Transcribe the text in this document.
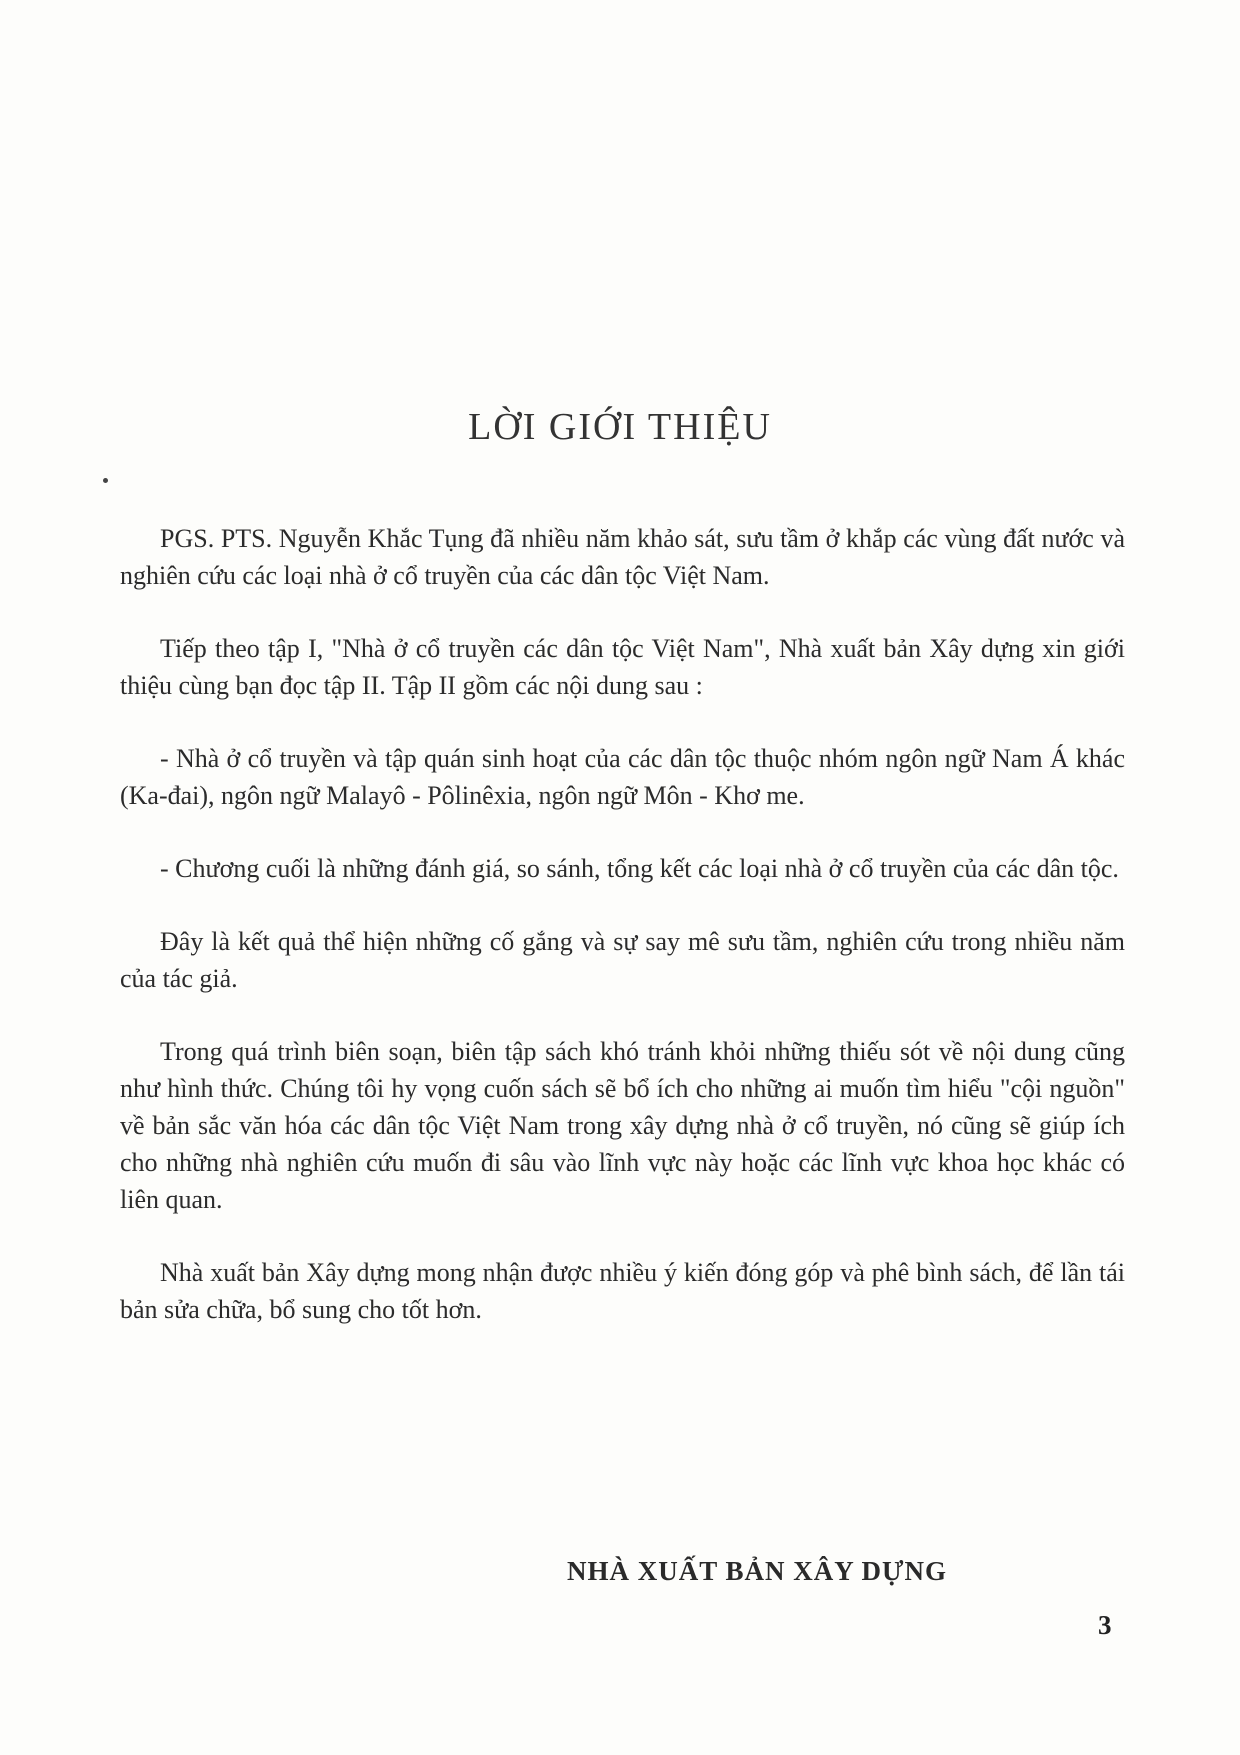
LỜI GIỚI THIỆU

PGS. PTS. Nguyễn Khắc Tụng đã nhiều năm khảo sát, sưu tầm ở khắp các vùng đất nước và nghiên cứu các loại nhà ở cổ truyền của các dân tộc Việt Nam.

Tiếp theo tập I, "Nhà ở cổ truyền các dân tộc Việt Nam", Nhà xuất bản Xây dựng xin giới thiệu cùng bạn đọc tập II. Tập II gồm các nội dung sau :

- Nhà ở cổ truyền và tập quán sinh hoạt của các dân tộc thuộc nhóm ngôn ngữ Nam Á khác (Ka-đai), ngôn ngữ Malayô - Pôlinêxia, ngôn ngữ Môn - Khơ me.

- Chương cuối là những đánh giá, so sánh, tổng kết các loại nhà ở cổ truyền của các dân tộc.

Đây là kết quả thể hiện những cố gắng và sự say mê sưu tầm, nghiên cứu trong nhiều năm của tác giả.

Trong quá trình biên soạn, biên tập sách khó tránh khỏi những thiếu sót về nội dung cũng như hình thức. Chúng tôi hy vọng cuốn sách sẽ bổ ích cho những ai muốn tìm hiểu "cội nguồn" về bản sắc văn hóa các dân tộc Việt Nam trong xây dựng nhà ở cổ truyền, nó cũng sẽ giúp ích cho những nhà nghiên cứu muốn đi sâu vào lĩnh vực này hoặc các lĩnh vực khoa học khác có liên quan.

Nhà xuất bản Xây dựng mong nhận được nhiều ý kiến đóng góp và phê bình sách, để lần tái bản sửa chữa, bổ sung cho tốt hơn.

NHÀ XUẤT BẢN XÂY DỰNG
3
